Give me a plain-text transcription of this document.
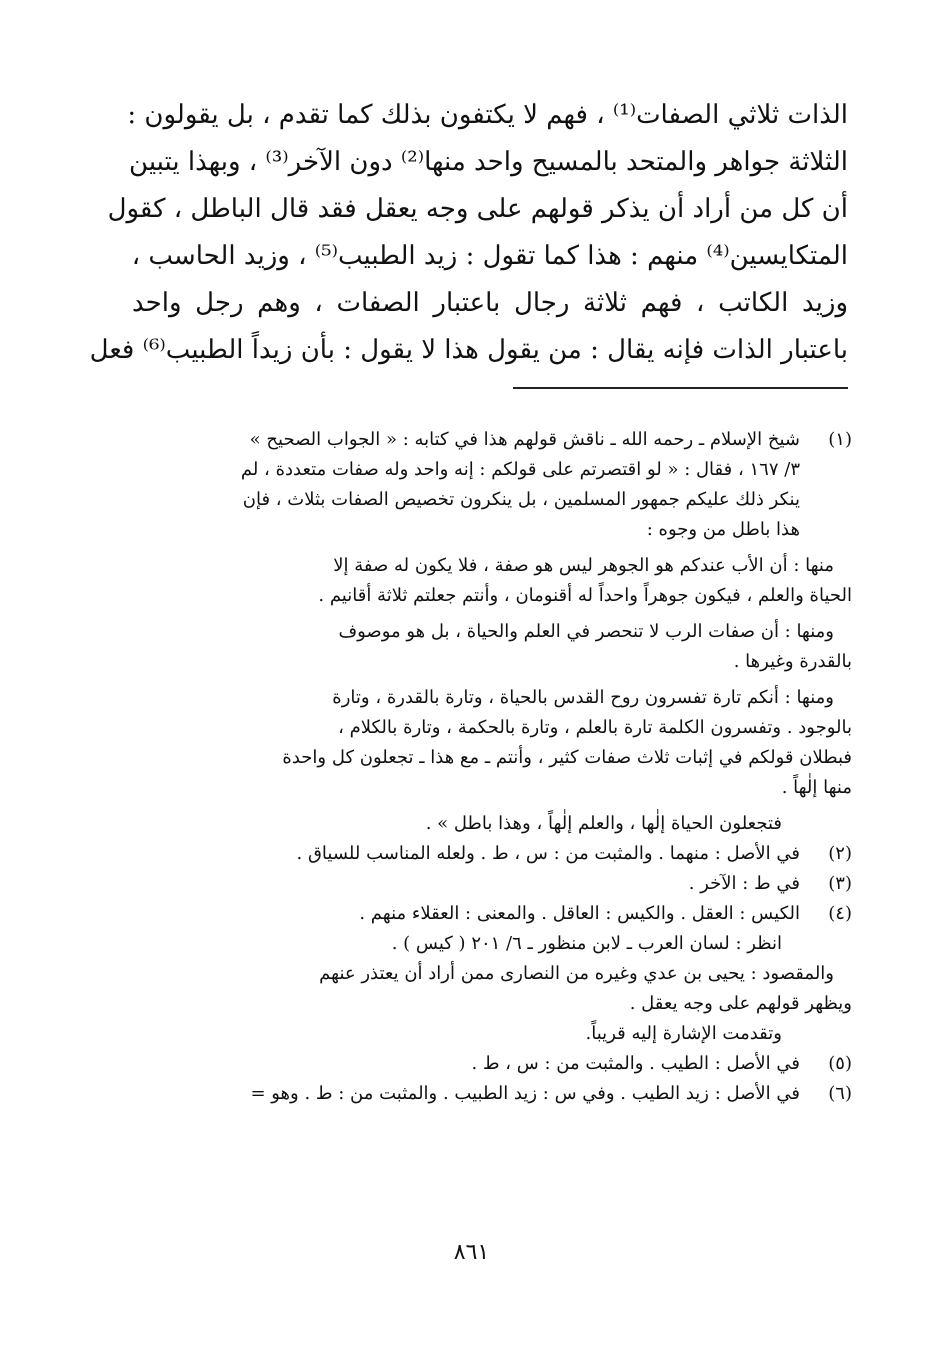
الذات ثلاثي الصفات⁽¹⁾ ، فهم لا يكتفون بذلك كما تقدم ، بل يقولون :
الثلاثة جواهر والمتحد بالمسيح واحد منها⁽²⁾ دون الآخر⁽³⁾ ، وبهذا يتبين
أن كل من أراد أن يذكر قولهم على وجه يعقل فقد قال الباطل ، كقول
المتكايسين⁽⁴⁾ منهم : هذا كما تقول : زيد الطبيب⁽⁵⁾ ، وزيد الحاسب ،
وزيد الكاتب ، فهم ثلاثة رجال باعتبار الصفات ، وهم رجل واحد
باعتبار الذات فإنه يقال : من يقول هذا لا يقول : بأن زيداً الطبيب⁽⁶⁾ فعل
(١)
شيخ الإسلام ـ رحمه الله ـ ناقش قولهم هذا في كتابه : « الجواب الصحيح »
٣/ ١٦٧ ، فقال : « لو اقتصرتم على قولكم : إنه واحد وله صفات متعددة ، لم
ينكر ذلك عليكم جمهور المسلمين ، بل ينكرون تخصيص الصفات بثلاث ، فإن
هذا باطل من وجوه :
منها : أن الأب عندكم هو الجوهر ليس هو صفة ، فلا يكون له صفة إلا
الحياة والعلم ، فيكون جوهراً واحداً له أقنومان ، وأنتم جعلتم ثلاثة أقانيم .
ومنها : أن صفات الرب لا تنحصر في العلم والحياة ، بل هو موصوف
بالقدرة وغيرها .
ومنها : أنكم تارة تفسرون روح القدس بالحياة ، وتارة بالقدرة ، وتارة
بالوجود . وتفسرون الكلمة تارة بالعلم ، وتارة بالحكمة ، وتارة بالكلام ،
فبطلان قولكم في إثبات ثلاث صفات كثير ، وأنتم ـ مع هذا ـ تجعلون كل واحدة
منها إلٰهاً .
فتجعلون الحياة إلٰها ، والعلم إلٰهاً ، وهذا باطل » .
(٢)
في الأصل : منهما . والمثبت من : س ، ط . ولعله المناسب للسياق .
(٣)
في ط : الآخر .
(٤)
الكيس : العقل . والكيس : العاقل . والمعنى : العقلاء منهم .
انظر : لسان العرب ـ لابن منظور ـ ٦/ ٢٠١ ( كيس ) .
والمقصود : يحيى بن عدي وغيره من النصارى ممن أراد أن يعتذر عنهم
ويظهر قولهم على وجه يعقل .
وتقدمت الإشارة إليه قريباً.
(٥)
في الأصل : الطيب . والمثبت من : س ، ط .
(٦)
في الأصل : زيد الطيب . وفي س : زيد الطبيب . والمثبت من : ط . وهو =
٨٦١
